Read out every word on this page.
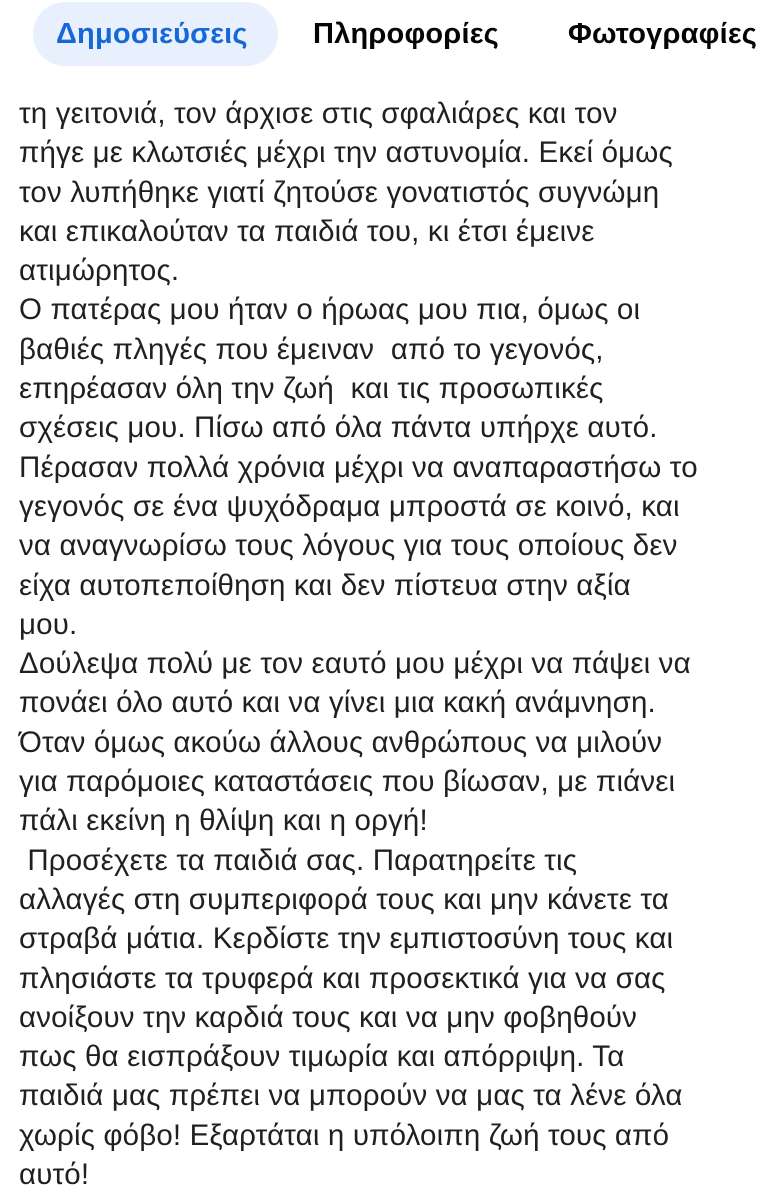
Δημοσιεύσεις	Πληροφορίες Φωτογραφίες
τη γειτονιά, τον άρχισε στις σφαλιάρες και τον
πήγε με κλωτσιές μέχρι την αστυνομία. Εκεί όμως
τον λυπήθηκε γιατί ζητούσε γονατιστός συγνώμη
και επικαλούταν τα παιδιά του, κι έτσι έμεινε
ατιμώρητος.
Ο πατέρας μου ήταν ο ήρωας μου πια, όμως οι
βαθιές πληγές που έμειναν  από το γεγονός,
επηρέασαν όλη την ζωή  και τις προσωπικές
σχέσεις μου. Πίσω από όλα πάντα υπήρχε αυτό.
Πέρασαν πολλά χρόνια μέχρι να αναπαραστήσω το
γεγονός σε ένα ψυχόδραμα μπροστά σε κοινό, και
να αναγνωρίσω τους λόγους για τους οποίους δεν
είχα αυτοπεποίθηση και δεν πίστευα στην αξία
μου.
Δούλεψα πολύ με τον εαυτό μου μέχρι να πάψει να
πονάει όλο αυτό και να γίνει μια κακή ανάμνηση.
Όταν όμως ακούω άλλους ανθρώπους να μιλούν
για παρόμοιες καταστάσεις που βίωσαν, με πιάνει
πάλι εκείνη η θλίψη και η οργή!
Προσέχετε τα παιδιά σας. Παρατηρείτε τις
αλλαγές στη συμπεριφορά τους και μην κάνετε τα
στραβά μάτια. Κερδίστε την εμπιστοσύνη τους και
πλησιάστε τα τρυφερά και προσεκτικά για να σας
ανοίξουν την καρδιά τους και να μην φοβηθούν
πως θα εισπράξουν τιμωρία και απόρριψη. Τα
παιδιά μας πρέπει να μπορούν να μας τα λένε όλα
χωρίς φόβο! Εξαρτάται η υπόλοιπη ζωή τους από
αυτό!
